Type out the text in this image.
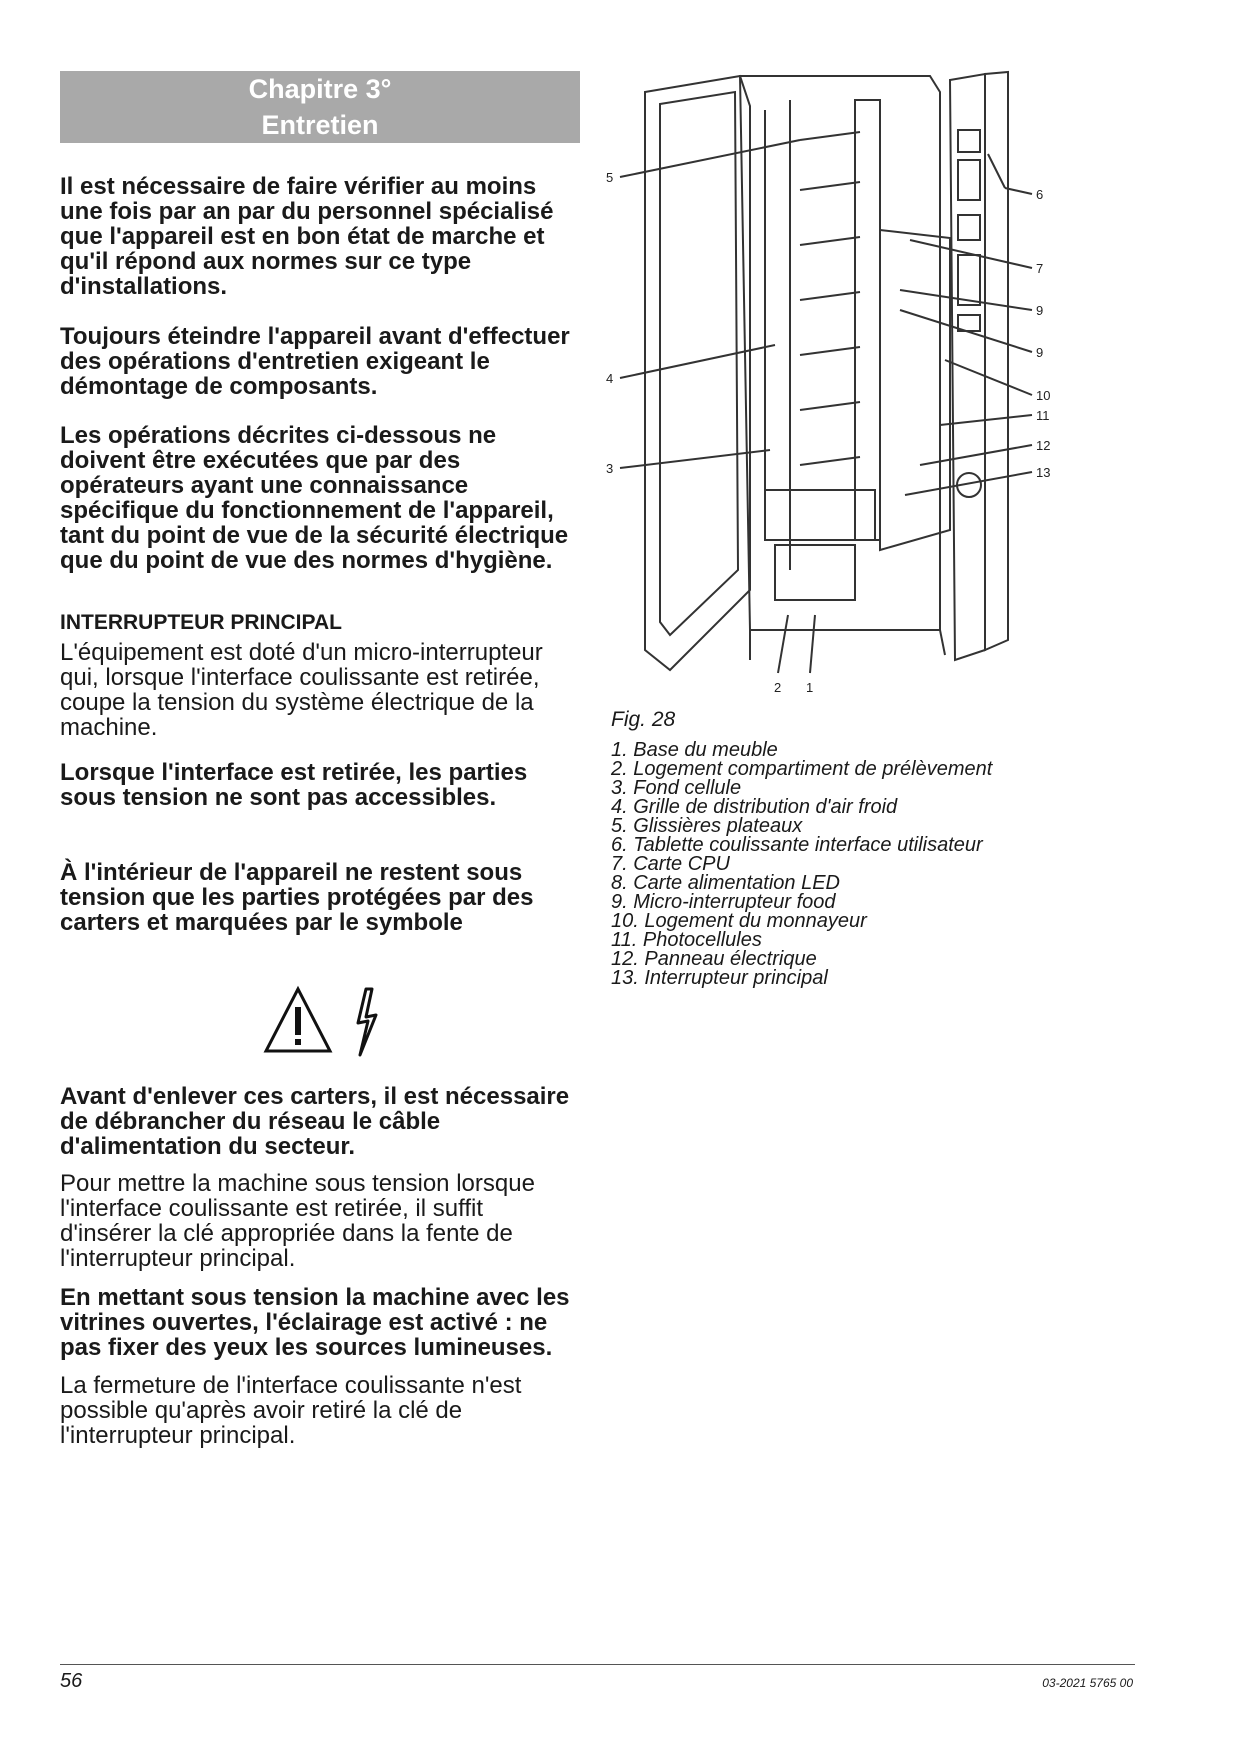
Chapitre 3°
Entretien

Il est nécessaire de faire vérifier au moins une fois par an par du personnel spécialisé que l'appareil est en bon état de marche et qu'il répond aux normes sur ce type d'installations.

Toujours éteindre l'appareil avant d'effectuer des opérations d'entretien exigeant le démontage de composants.

Les opérations décrites ci-dessous ne doivent être exécutées que par des opérateurs ayant une connaissance spécifique du fonctionnement de l'appareil, tant du point de vue de la sécurité électrique que du point de vue des normes d'hygiène.

INTERRUPTEUR PRINCIPAL

L'équipement est doté d'un micro-interrupteur qui, lorsque l'interface coulissante est retirée, coupe la tension du système électrique de la machine.

Lorsque l'interface est retirée, les parties sous tension ne sont pas accessibles.

À l'intérieur de l'appareil ne restent sous tension que les parties protégées par des carters et marquées par le symbole

Avant d'enlever ces carters, il est nécessaire de débrancher du réseau le câble d'alimentation du secteur.

Pour mettre la machine sous tension lorsque l'interface coulissante est retirée, il suffit d'insérer la clé appropriée dans la fente de l'interrupteur principal.

En mettant sous tension la machine avec les vitrines ouvertes, l'éclairage est activé : ne pas fixer des yeux les sources lumineuses.

La fermeture de l'interface coulissante n'est possible qu'après avoir retiré la clé de l'interrupteur principal.

5
4
3
2 1
6
7
9
9
10
11
12
13
Fig. 28
1. Base du meuble
2. Logement compartiment de prélèvement
3. Fond cellule
4. Grille de distribution d'air froid
5. Glissières plateaux
6. Tablette coulissante interface utilisateur
7. Carte CPU
8. Carte alimentation LED
9. Micro-interrupteur food
10. Logement du monnayeur
11. Photocellules
12. Panneau électrique
13. Interrupteur principal
56	03-2021 5765 00
